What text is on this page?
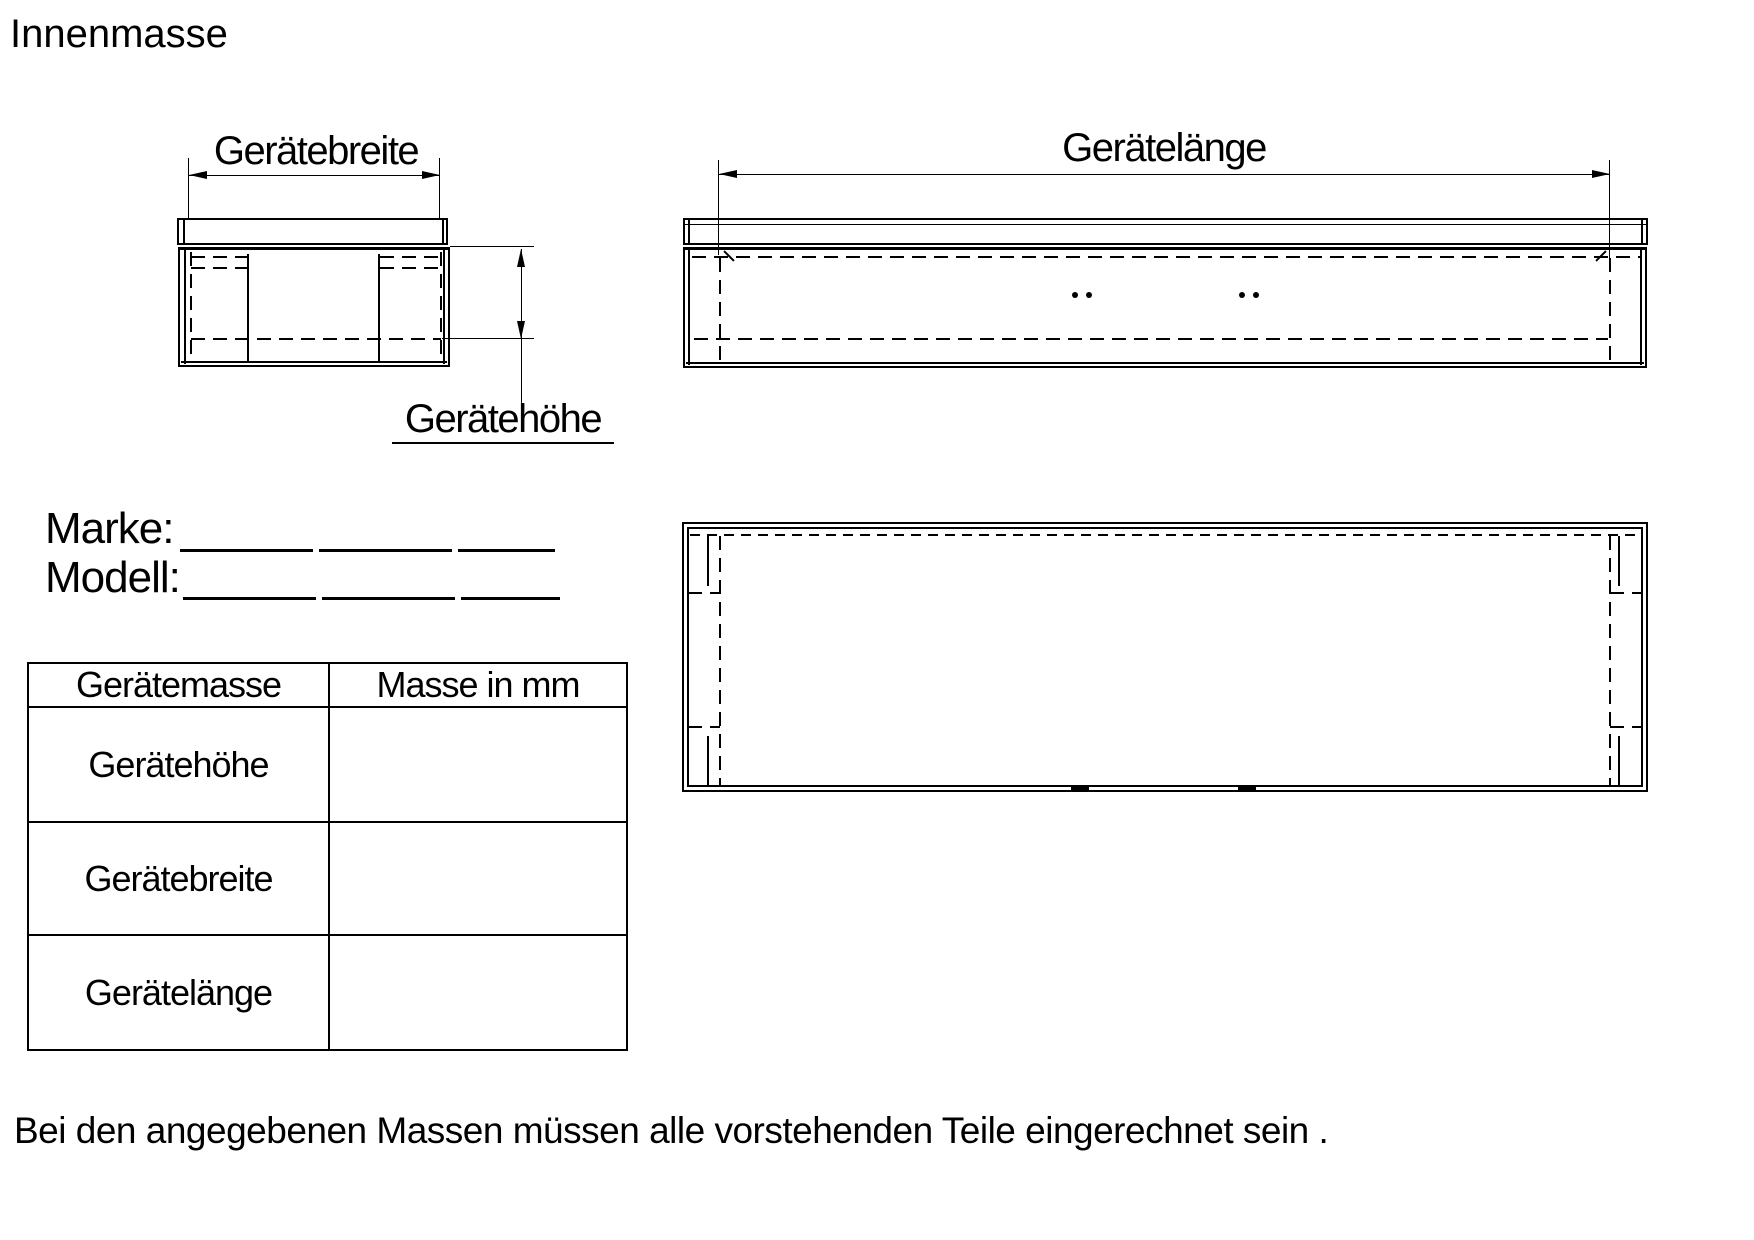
Innenmasse
Gerätebreite
Gerätehöhe
Gerätelänge
Marke:
Modell:
Gerätemasse	Masse in mm
Gerätehöhe	
Gerätebreite	
Gerätelänge	
Bei den angegebenen Massen müssen alle vorstehenden Teile eingerechnet sein .
